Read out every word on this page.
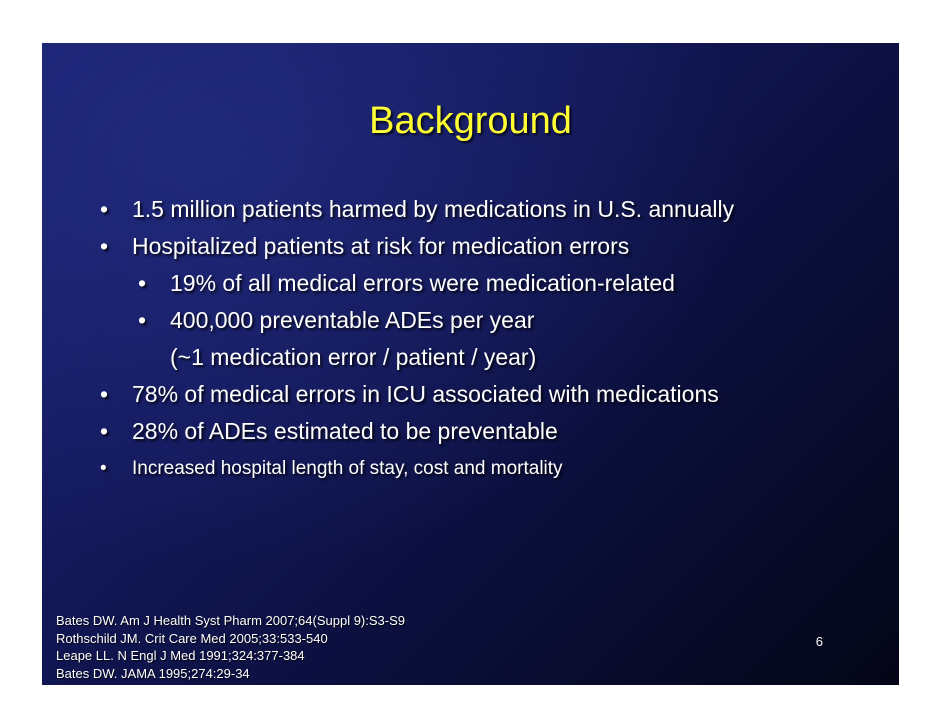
Background
• 1.5 million patients harmed by medications in U.S. annually
• Hospitalized patients at risk for medication errors
• 19% of all medical errors were medication-related
• 400,000 preventable ADEs per year
(~1 medication error / patient / year)
• 78% of medical errors in ICU associated with medications
• 28% of ADEs estimated to be preventable
• Increased hospital length of stay, cost and mortality
Bates DW. Am J Health Syst Pharm 2007;64(Suppl 9):S3-S9
Rothschild JM. Crit Care Med 2005;33:533-540
Leape LL. N Engl J Med 1991;324:377-384
Bates DW. JAMA 1995;274:29-34
6
